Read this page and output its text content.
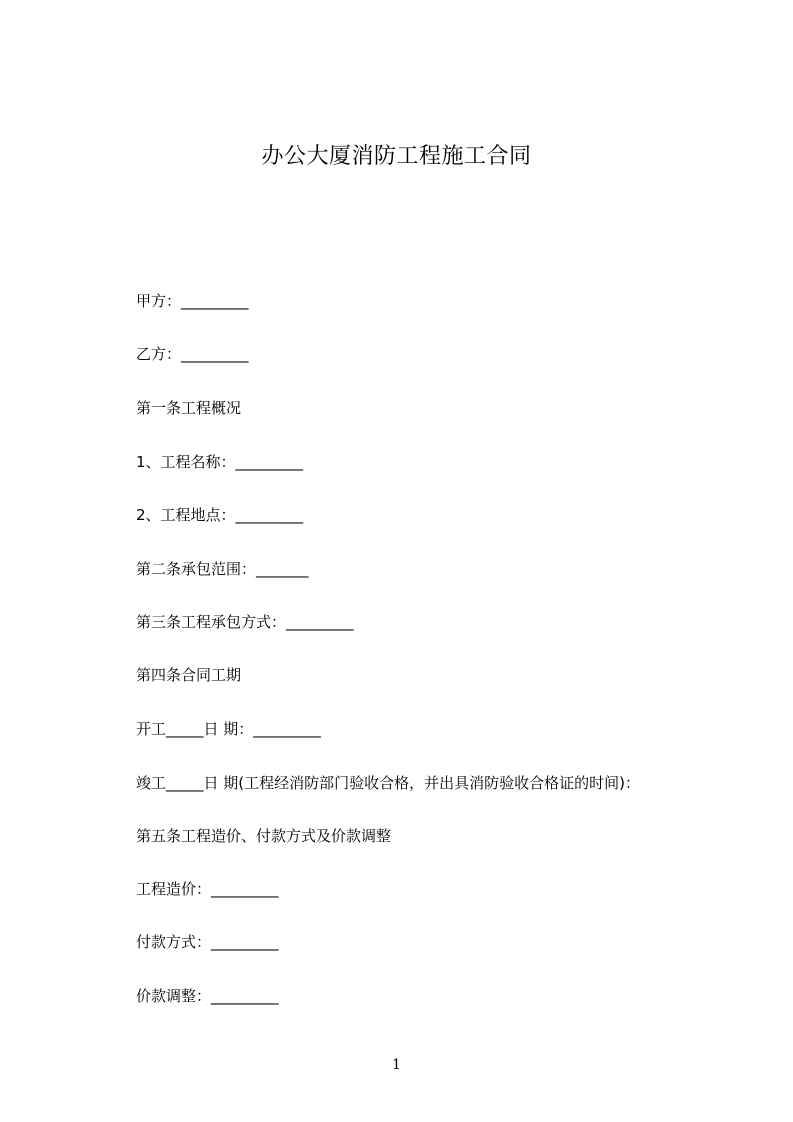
办公大厦消防工程施工合同
甲方：_________
乙方：_________
第一条工程概况
1、工程名称：_________
2、工程地点：_________
第二条承包范围：_______
第三条工程承包方式：_________
第四条合同工期
开工_____日 期：_________
竣工_____日 期(工程经消防部门验收合格，并出具消防验收合格证的时间)：
第五条工程造价、付款方式及价款调整
工程造价：_________
付款方式：_________
价款调整：_________
1
